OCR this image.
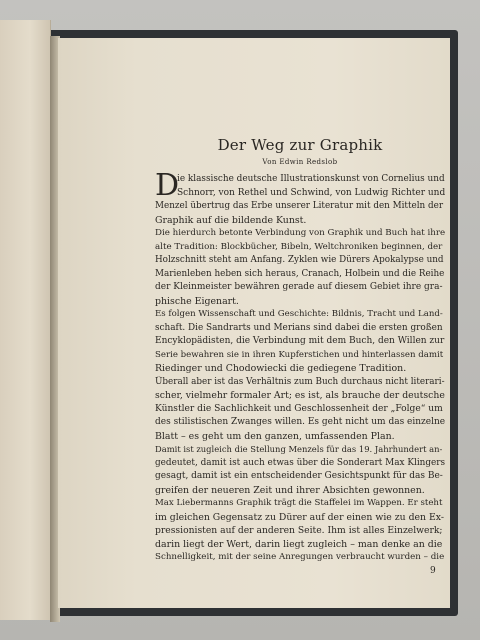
Der Weg zur Graphik
Von Edwin Redslob
D
ie klassische deutsche Illustrationskunst von Cornelius und
Schnorr, von Rethel und Schwind, von Ludwig Richter und
Menzel übertrug das Erbe unserer Literatur mit den Mitteln der
Graphik auf die bildende Kunst.
Die hierdurch betonte Verbindung von Graphik und Buch hat ihre
alte Tradition: Blockbücher, Bibeln, Weltchroniken beginnen, der
Holzschnitt steht am Anfang. Zyklen wie Dürers Apokalypse und
Marienleben heben sich heraus, Cranach, Holbein und die Reihe
der Kleinmeister bewähren gerade auf diesem Gebiet ihre gra-
phische Eigenart.
Es folgen Wissenschaft und Geschichte: Bildnis, Tracht und Land-
schaft. Die Sandrarts und Merians sind dabei die ersten großen
Encyklopädisten, die Verbindung mit dem Buch, den Willen zur
Serie bewahren sie in ihren Kupferstichen und hinterlassen damit
Riedinger und Chodowiecki die gediegene Tradition.
Überall aber ist das Verhältnis zum Buch durchaus nicht literari-
scher, vielmehr formaler Art; es ist, als brauche der deutsche
Künstler die Sachlichkeit und Geschlossenheit der „Folge“ um
des stilistischen Zwanges willen. Es geht nicht um das einzelne
Blatt – es geht um den ganzen, umfassenden Plan.
Damit ist zugleich die Stellung Menzels für das 19. Jahrhundert an-
gedeutet, damit ist auch etwas über die Sonderart Max Klingers
gesagt, damit ist ein entscheidender Gesichtspunkt für das Be-
greifen der neueren Zeit und ihrer Absichten gewonnen.
Max Liebermanns Graphik trägt die Staffelei im Wappen. Er steht
im gleichen Gegensatz zu Dürer auf der einen wie zu den Ex-
pressionisten auf der anderen Seite. Ihm ist alles Einzelwerk;
darin liegt der Wert, darin liegt zugleich – man denke an die
Schnelligkeit, mit der seine Anregungen verbraucht wurden – die
9
